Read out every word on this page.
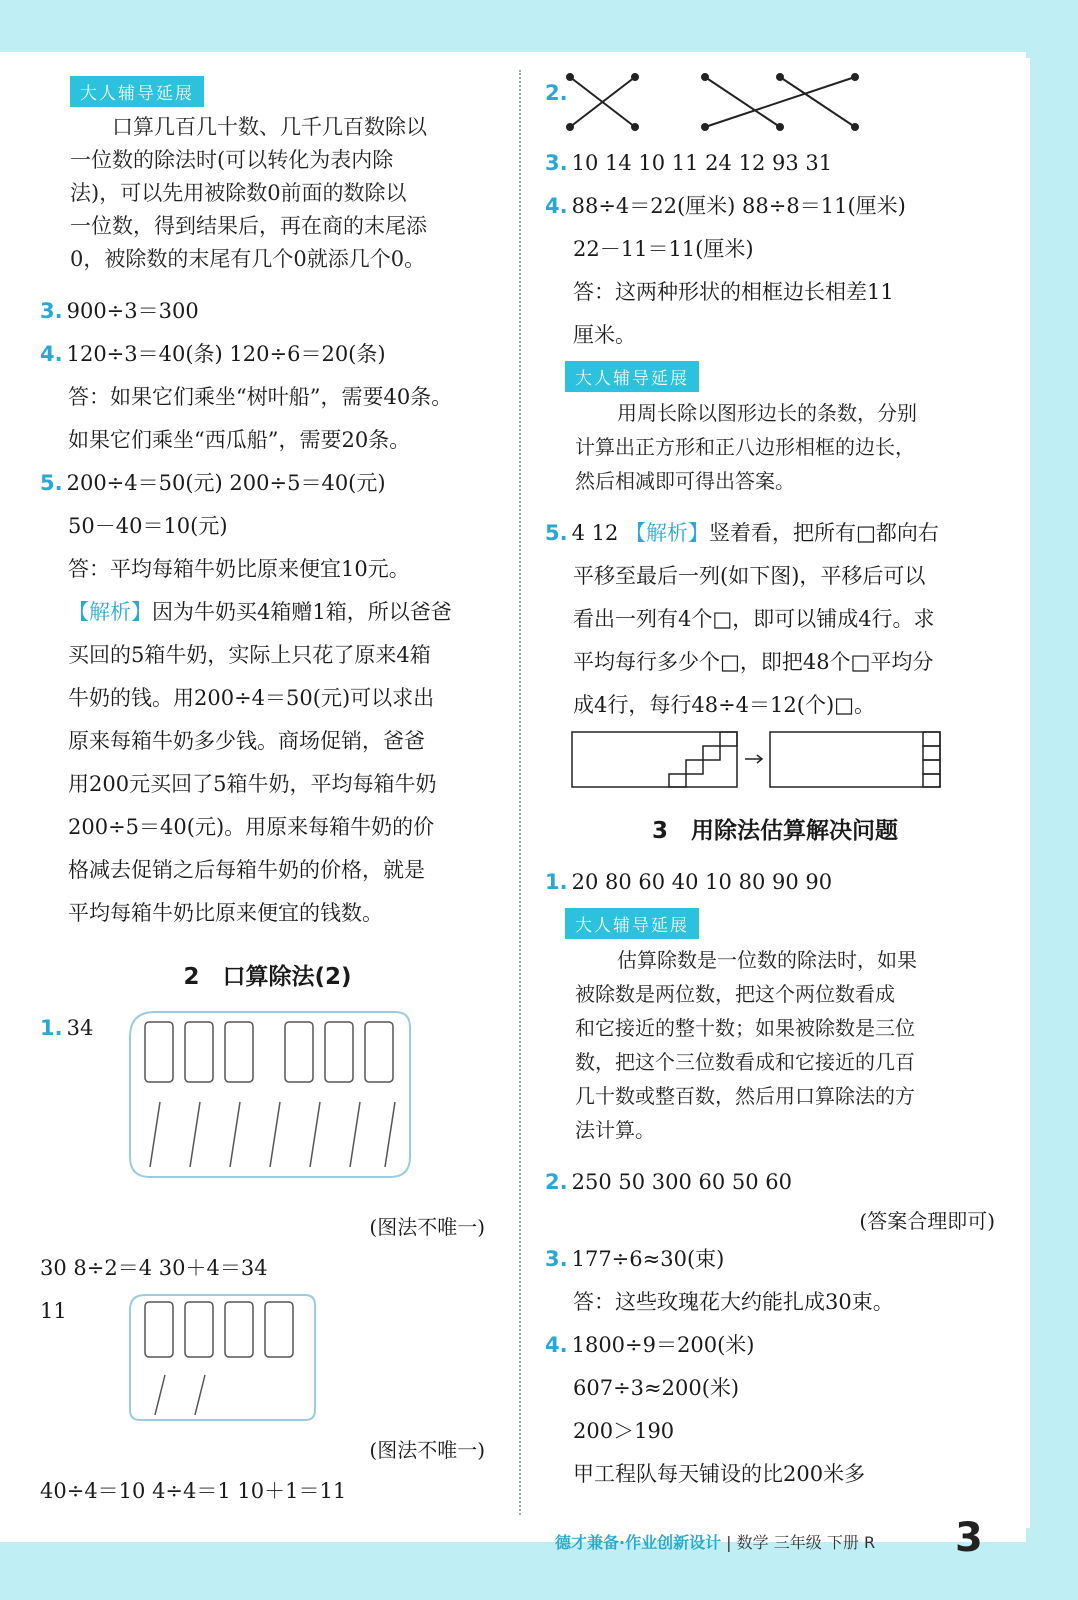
大人辅导延展
口算几百几十数、几千几百数除以
一位数的除法时(可以转化为表内除
法)，可以先用被除数0前面的数除以
一位数，得到结果后，再在商的末尾添
0，被除数的末尾有几个0就添几个0。
3. 900÷3＝300
4. 120÷3＝40(条) 120÷6＝20(条)
答：如果它们乘坐“树叶船”，需要40条。
如果它们乘坐“西瓜船”，需要20条。
5. 200÷4＝50(元) 200÷5＝40(元)
50－40＝10(元)
答：平均每箱牛奶比原来便宜10元。
【解析】因为牛奶买4箱赠1箱，所以爸爸
买回的5箱牛奶，实际上只花了原来4箱
牛奶的钱。用200÷4＝50(元)可以求出
原来每箱牛奶多少钱。商场促销，爸爸
用200元买回了5箱牛奶，平均每箱牛奶
200÷5＝40(元)。用原来每箱牛奶的价
格减去促销之后每箱牛奶的价格，就是
平均每箱牛奶比原来便宜的钱数。
2　口算除法(2)
1. 34
(图法不唯一)
30 8÷2＝4 30＋4＝34
11
(图法不唯一)
40÷4＝10 4÷4＝1 10＋1＝11
2.
3. 10 14 10 11 24 12 93 31
4. 88÷4＝22(厘米) 88÷8＝11(厘米)
22－11＝11(厘米)
答：这两种形状的相框边长相差11
厘米。
大人辅导延展
用周长除以图形边长的条数，分别
计算出正方形和正八边形相框的边长，
然后相减即可得出答案。
5. 4 12 【解析】竖着看，把所有□都向右
平移至最后一列(如下图)，平移后可以
看出一列有4个□，即可以铺成4行。求
平均每行多少个□，即把48个□平均分
成4行，每行48÷4＝12(个)□。
3　用除法估算解决问题
1. 20 80 60 40 10 80 90 90
大人辅导延展
估算除数是一位数的除法时，如果
被除数是两位数，把这个两位数看成
和它接近的整十数；如果被除数是三位
数，把这个三位数看成和它接近的几百
几十数或整百数，然后用口算除法的方
法计算。
2. 250 50 300 60 50 60
(答案合理即可)
3. 177÷6≈30(束)
答：这些玫瑰花大约能扎成30束。
4. 1800÷9＝200(米)
607÷3≈200(米)
200＞190
甲工程队每天铺设的比200米多
德才兼备·作业创新设计 | 数学 三年级 下册 R 3
